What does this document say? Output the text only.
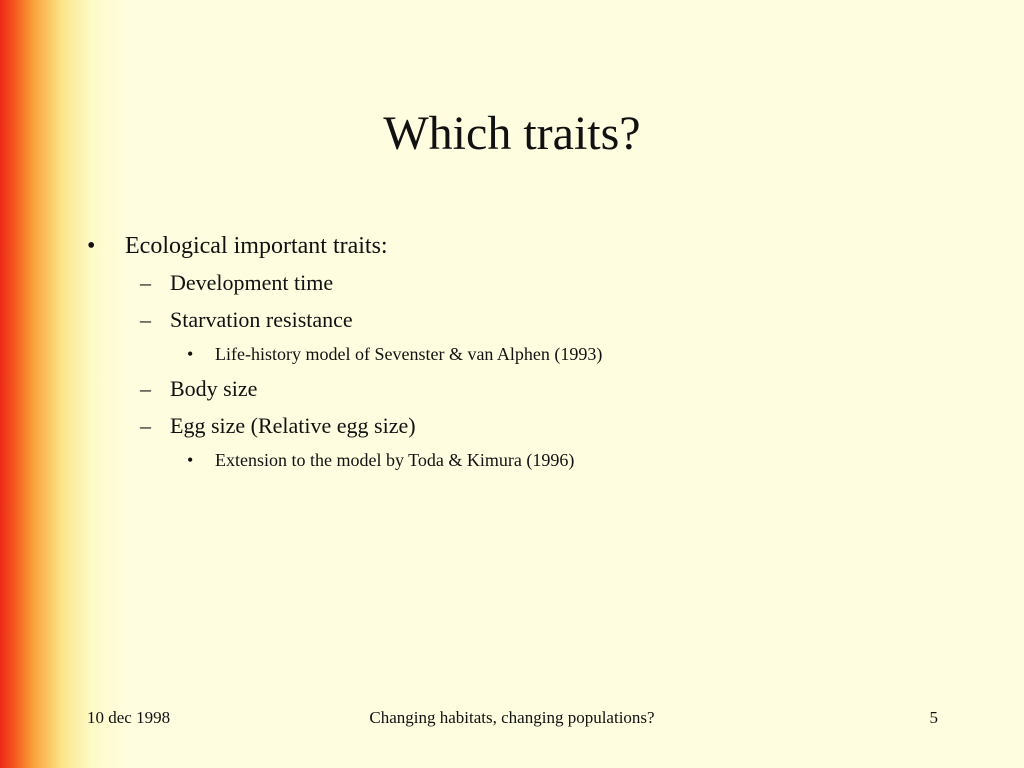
Which traits?
• Ecological important traits:
– Development time
– Starvation resistance
• Life-history model of Sevenster & van Alphen (1993)
– Body size
– Egg size (Relative egg size)
• Extension to the model by Toda & Kimura (1996)
10 dec 1998	Changing habitats, changing populations?	5
